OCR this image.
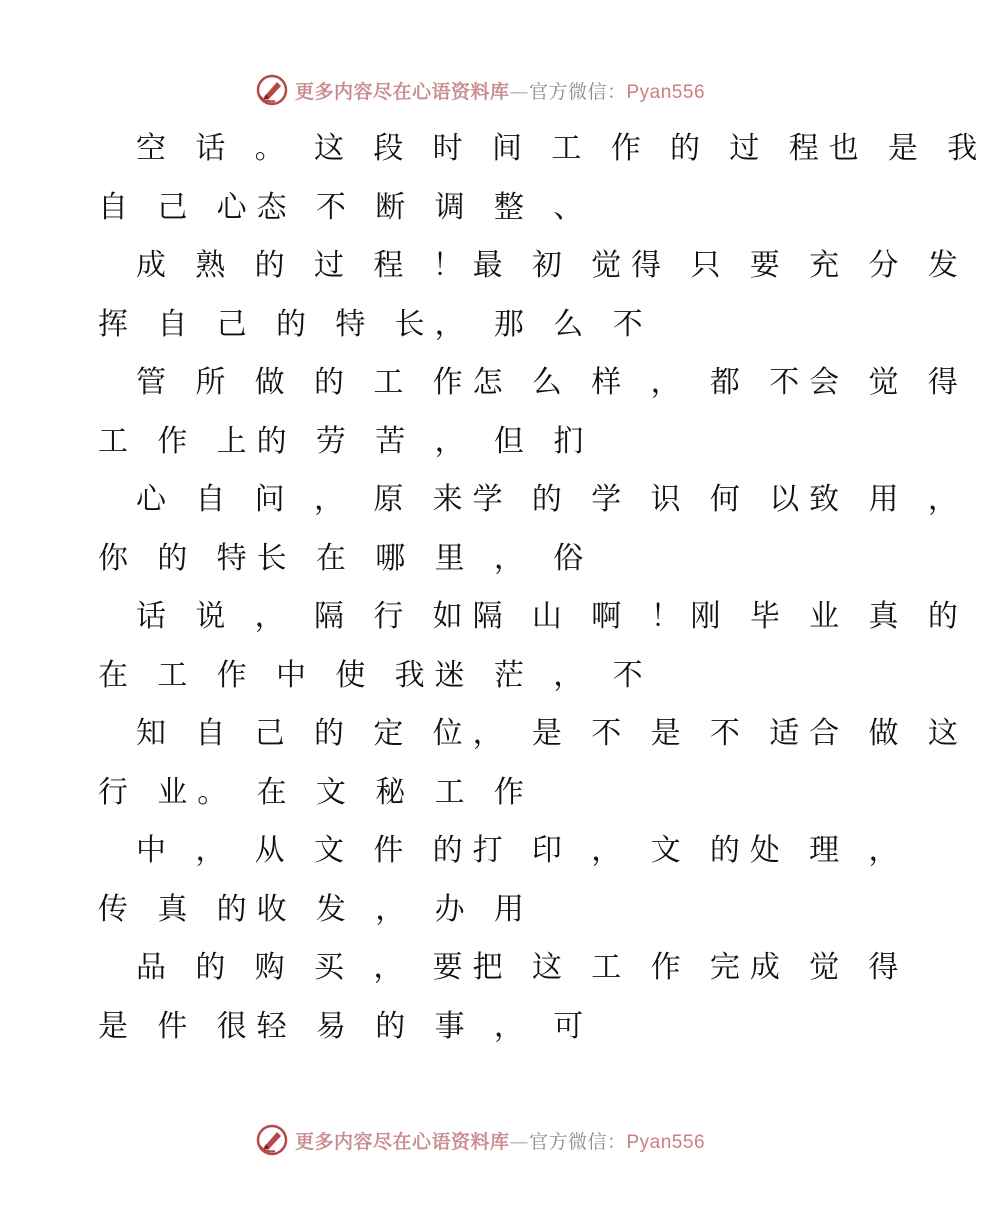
更多内容尽在心语资料库—官方微信：Pyan556
空 话 。 这 段 时 间 工 作 的 过 程也 是 我
自 己 心态 不 断 调 整 、
成 熟 的 过 程 ！最 初 觉得 只 要 充 分 发
挥 自 己 的 特 长， 那 么 不
管 所 做 的 工 作怎 么 样 ， 都 不会 觉 得
工 作 上的 劳 苦 ， 但 扪
心 自 问 ， 原 来学 的 学 识 何 以致 用 ，
你 的 特长 在 哪 里 ， 俗
话 说 ， 隔 行 如隔 山 啊 ！刚 毕 业 真 的
在 工 作 中 使 我迷 茫 ， 不
知 自 己 的 定 位， 是 不 是 不 适合 做 这
行 业。 在 文 秘 工 作
中 ， 从 文 件 的打 印 ， 文 的处 理 ，
传 真 的收 发 ， 办 用
品 的 购 买 ， 要把 这 工 作 完成 觉 得
是 件 很轻 易 的 事 ， 可
更多内容尽在心语资料库—官方微信：Pyan556
